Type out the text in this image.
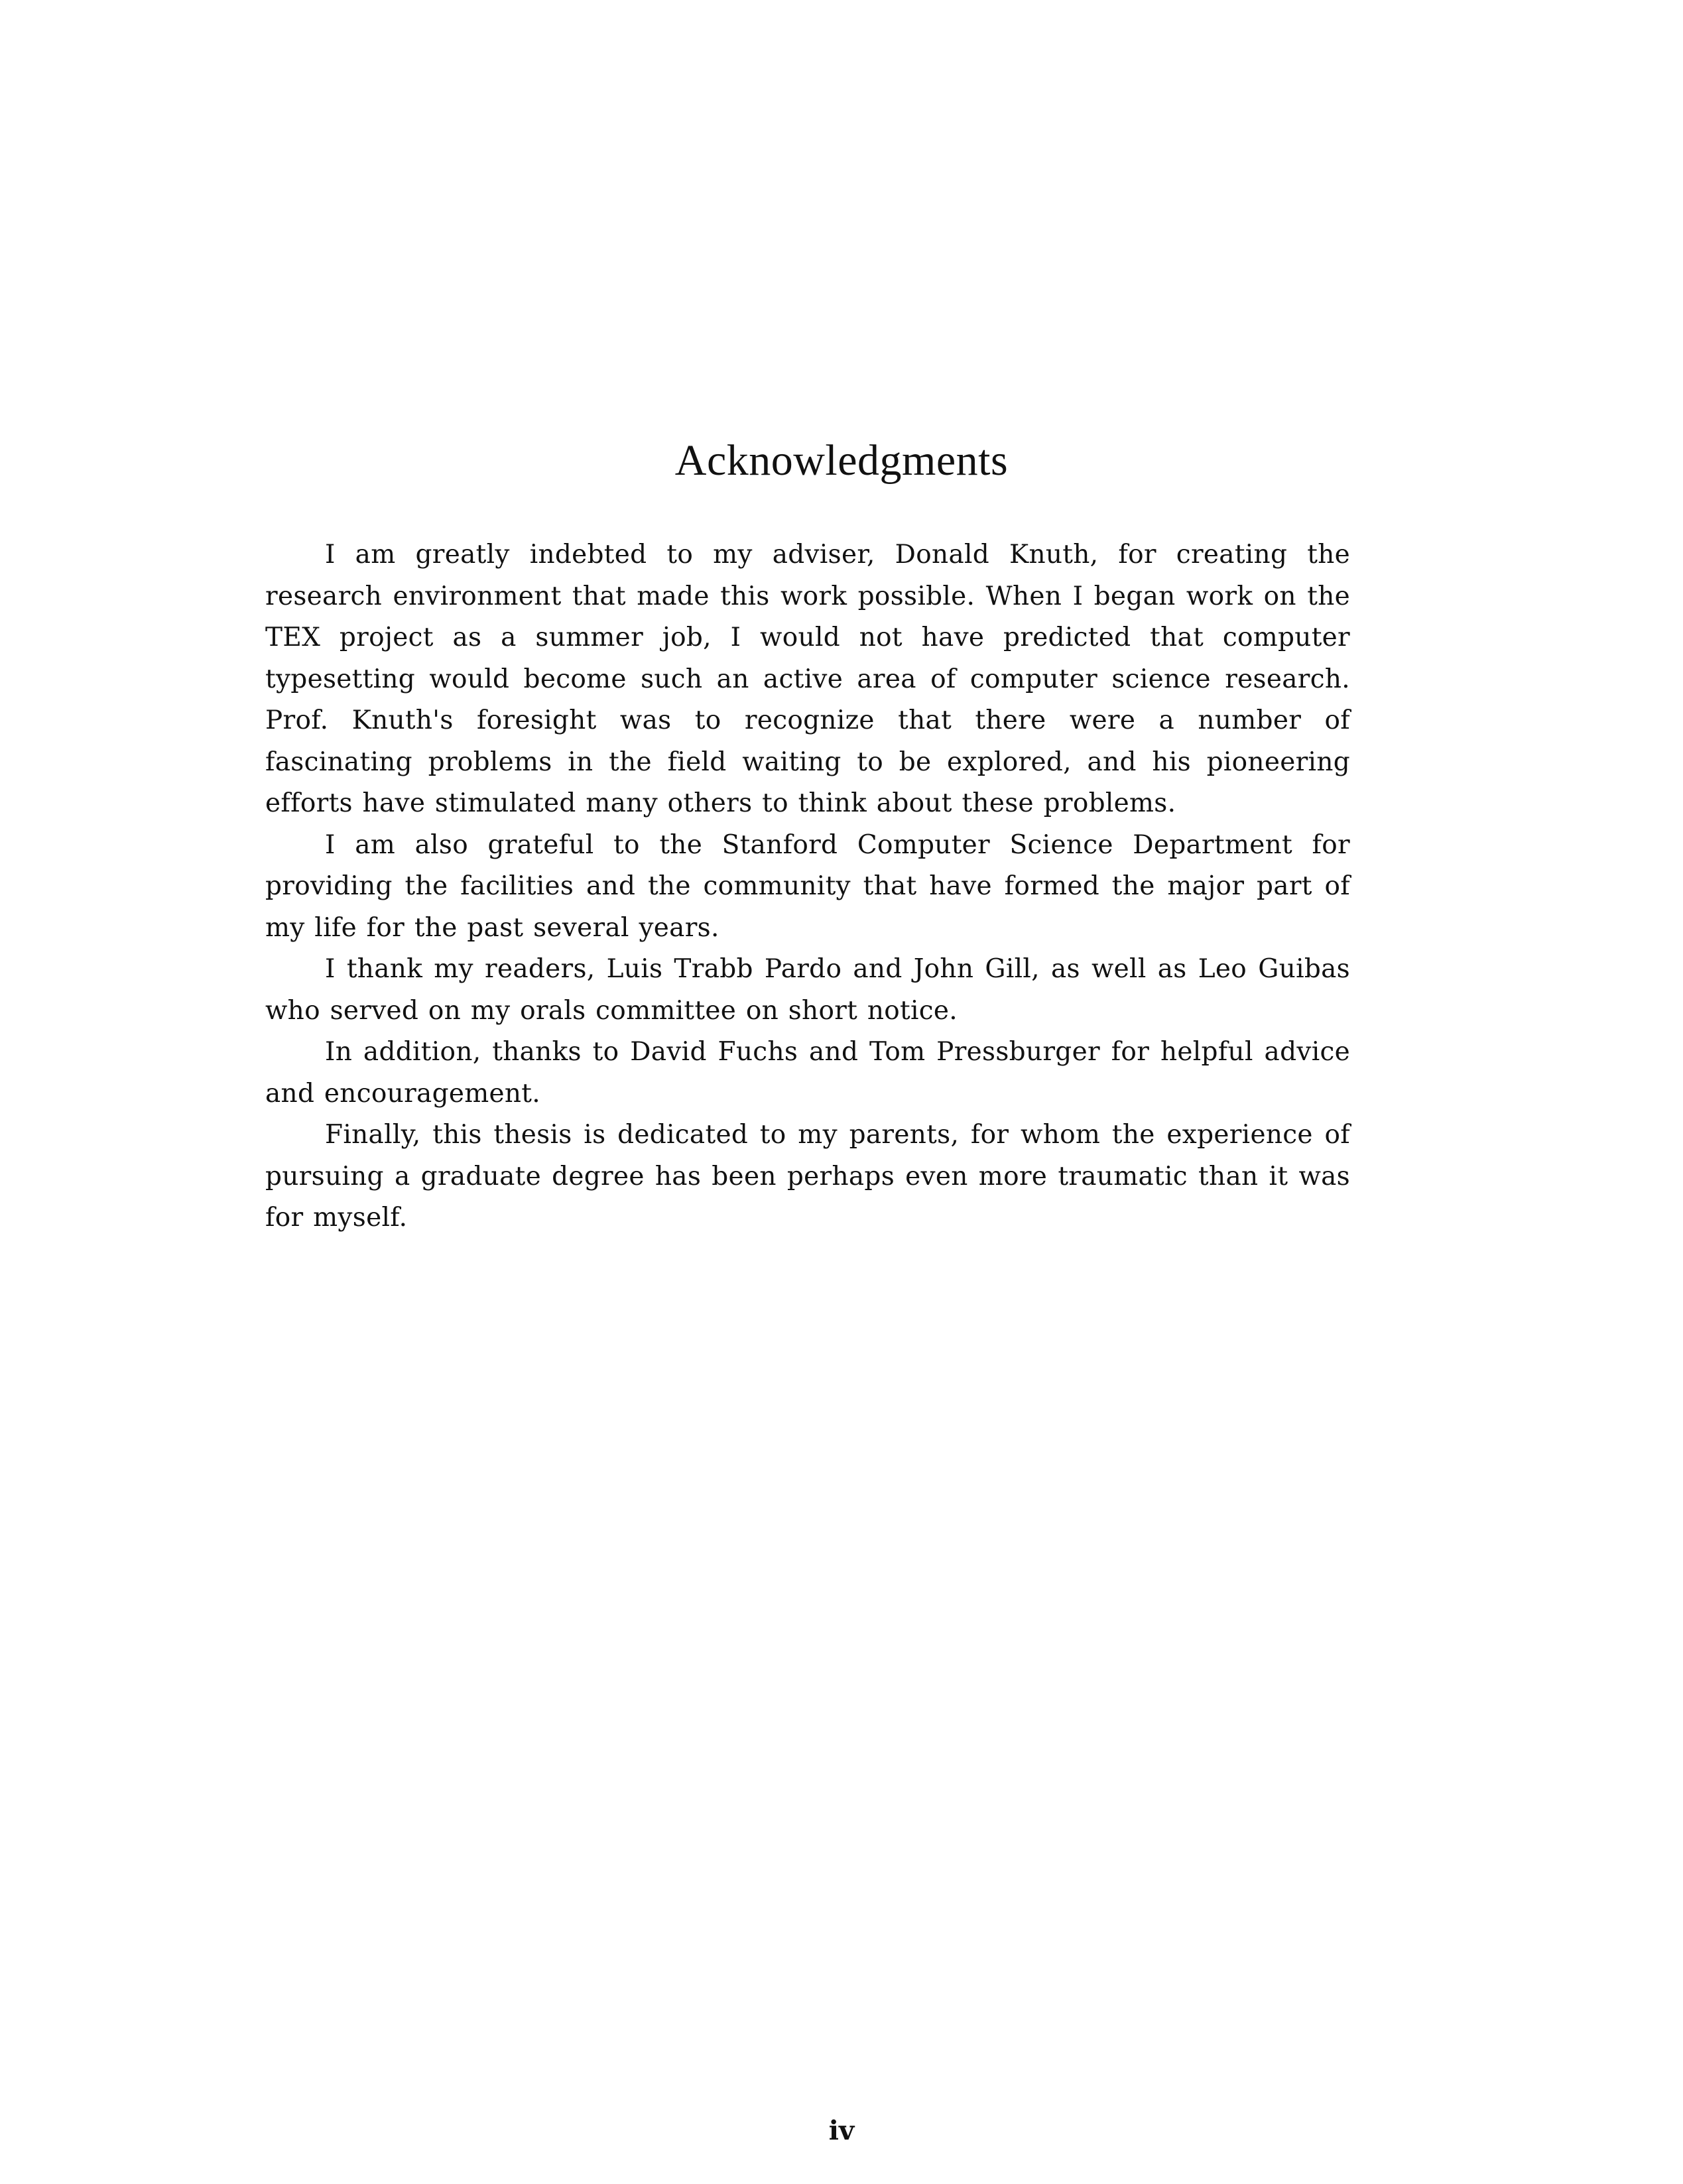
Acknowledgments

I am greatly indebted to my adviser, Donald Knuth, for creating the research environment that made this work possible. When I began work on the TEX project as a summer job, I would not have predicted that computer typesetting would become such an active area of computer science research. Prof. Knuth's foresight was to recognize that there were a number of fascinating problems in the field waiting to be explored, and his pioneering efforts have stimulated many others to think about these problems.

I am also grateful to the Stanford Computer Science Department for providing the facilities and the community that have formed the major part of my life for the past several years.

I thank my readers, Luis Trabb Pardo and John Gill, as well as Leo Guibas who served on my orals committee on short notice.

In addition, thanks to David Fuchs and Tom Pressburger for helpful advice and encouragement.

Finally, this thesis is dedicated to my parents, for whom the experience of pursuing a graduate degree has been perhaps even more traumatic than it was for myself.

iv
